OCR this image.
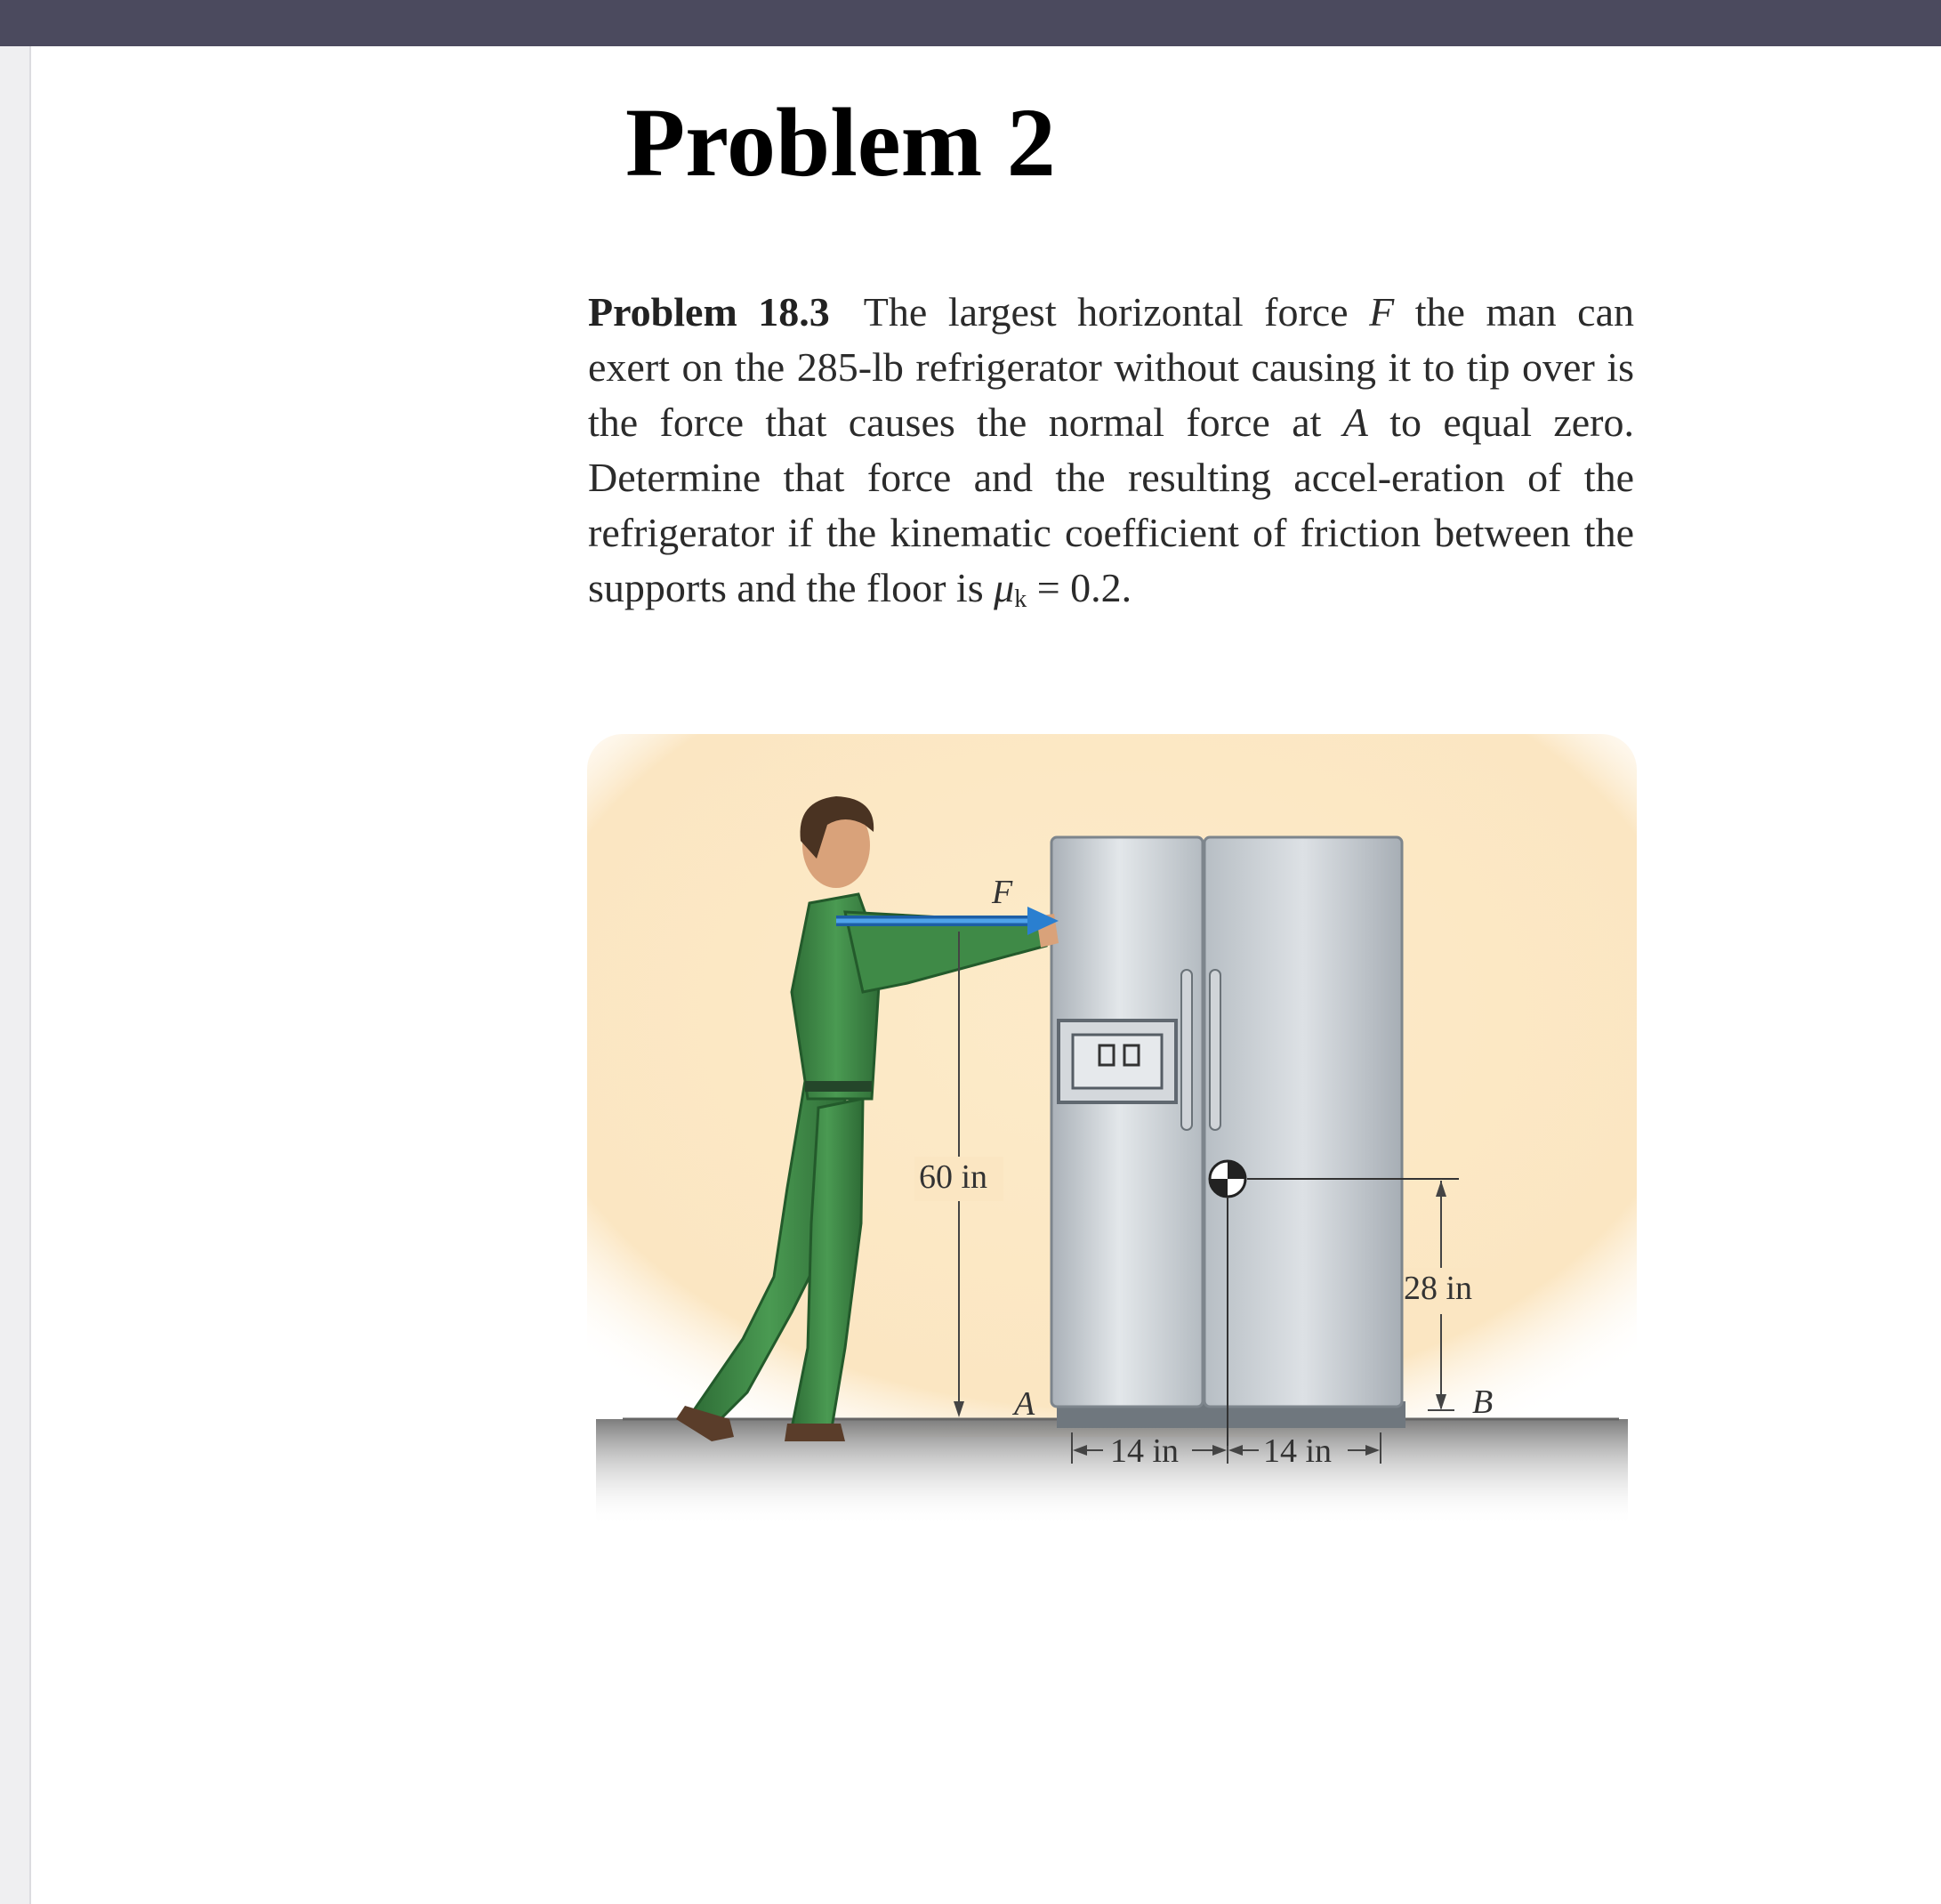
Problem 2

Problem 18.3 The largest horizontal force F the man can exert on the 285-lb refrigerator without causing it to tip over is the force that causes the normal force at A to equal zero. Determine that force and the resulting accel-eration of the refrigerator if the kinematic coefficient of friction between the supports and the floor is $\mu_k = 0.2$.

F
60 in
A
28 in
B
14 in 14 in
